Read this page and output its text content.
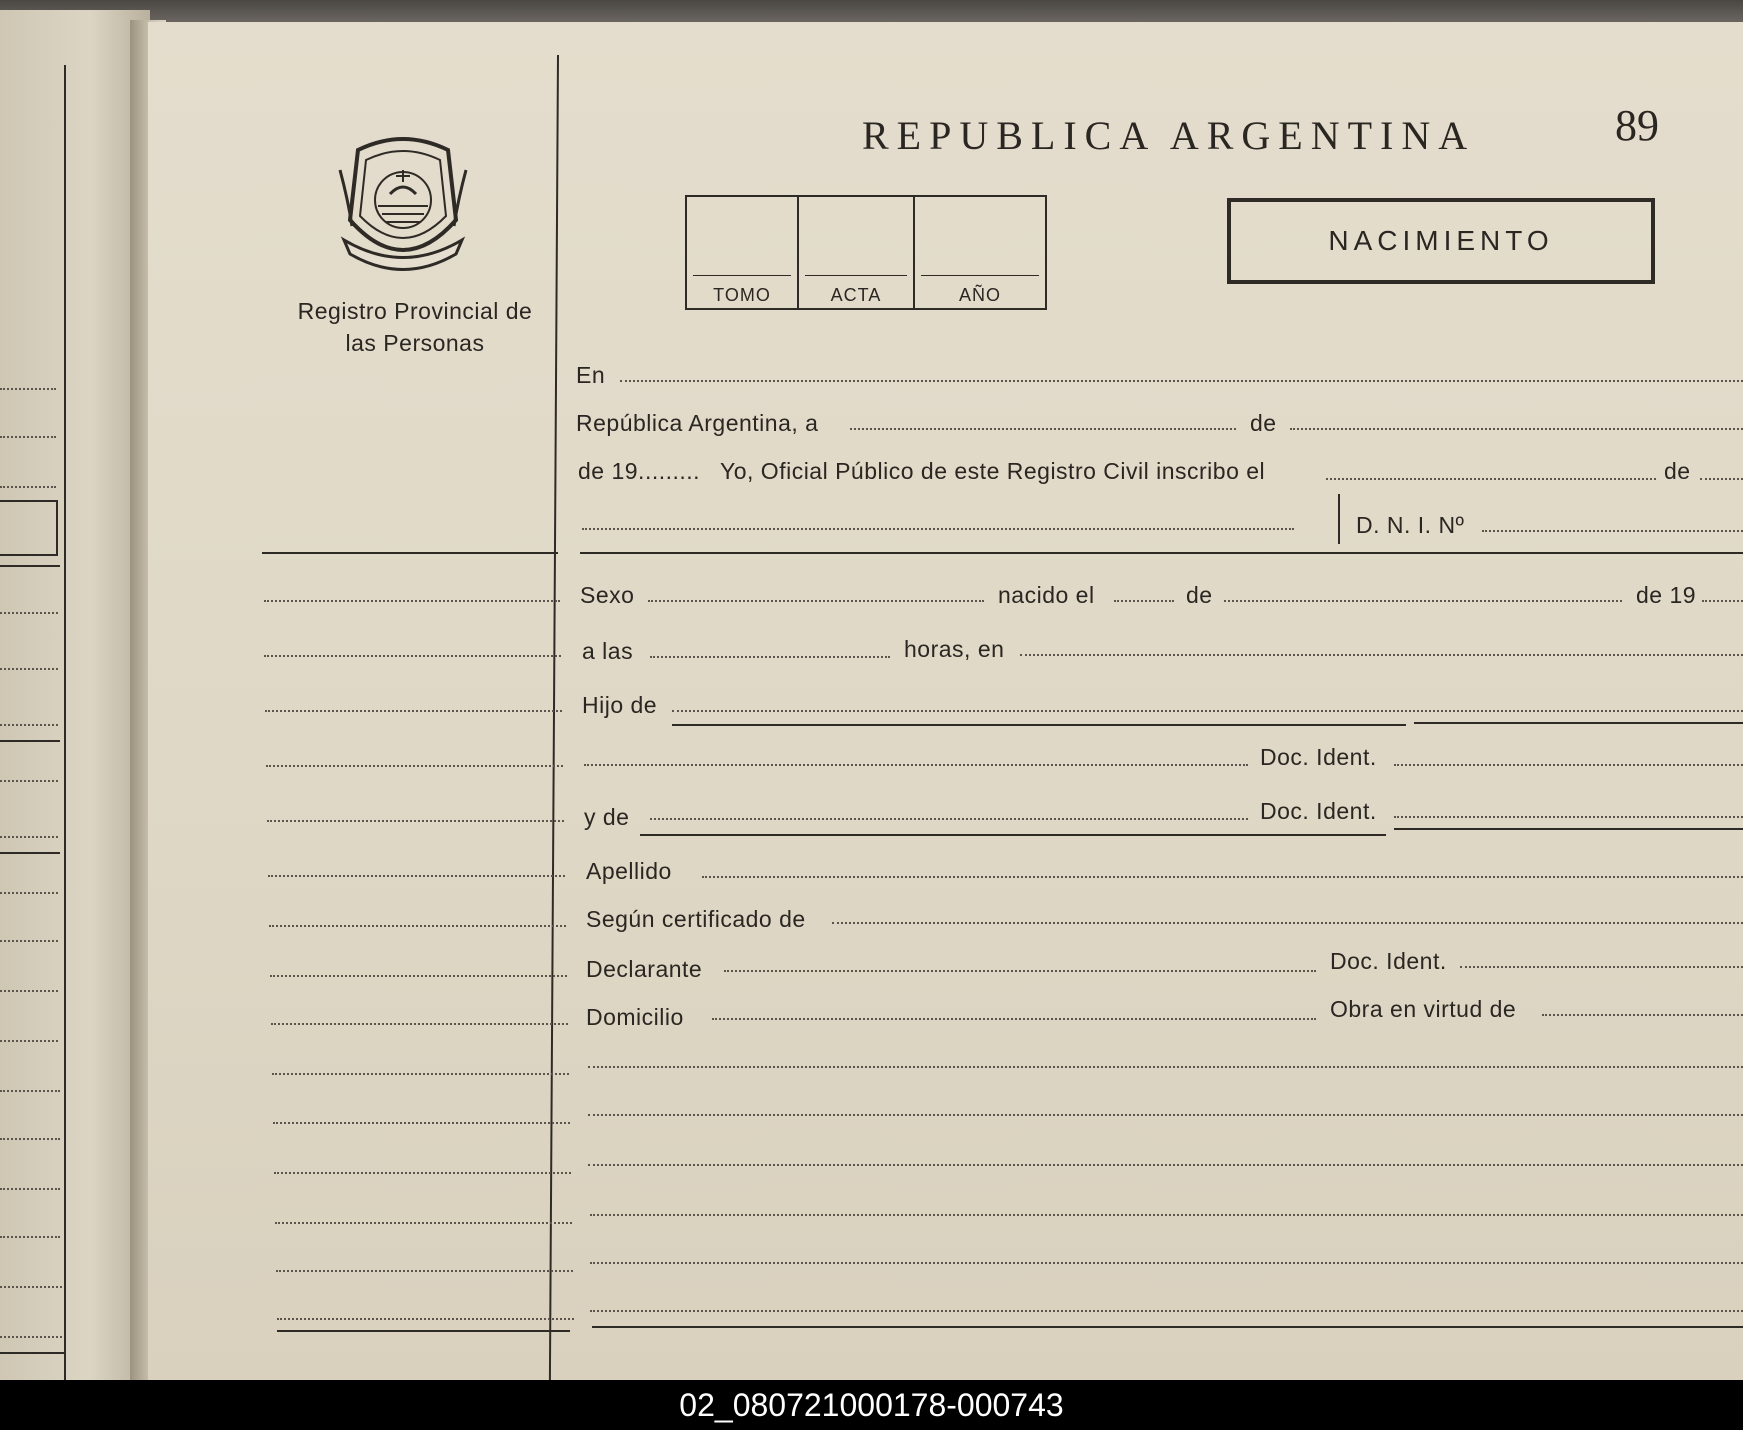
Registro Provincial de las Personas
REPUBLICA ARGENTINA	89
TOMO	ACTA	AÑO
NACIMIENTO
En
República Argentina, a	de
de 19......... Yo, Oficial Público de este Registro Civil inscribo el	de
D. N. I. Nº
Sexo	nacido el	de	de 19
a las	horas, en
Hijo de
Doc. Ident.
y de	Doc. Ident.
Apellido
Según certificado de
Declarante	Doc. Ident.
Domicilio	Obra en virtud de
02_080721000178-000743
